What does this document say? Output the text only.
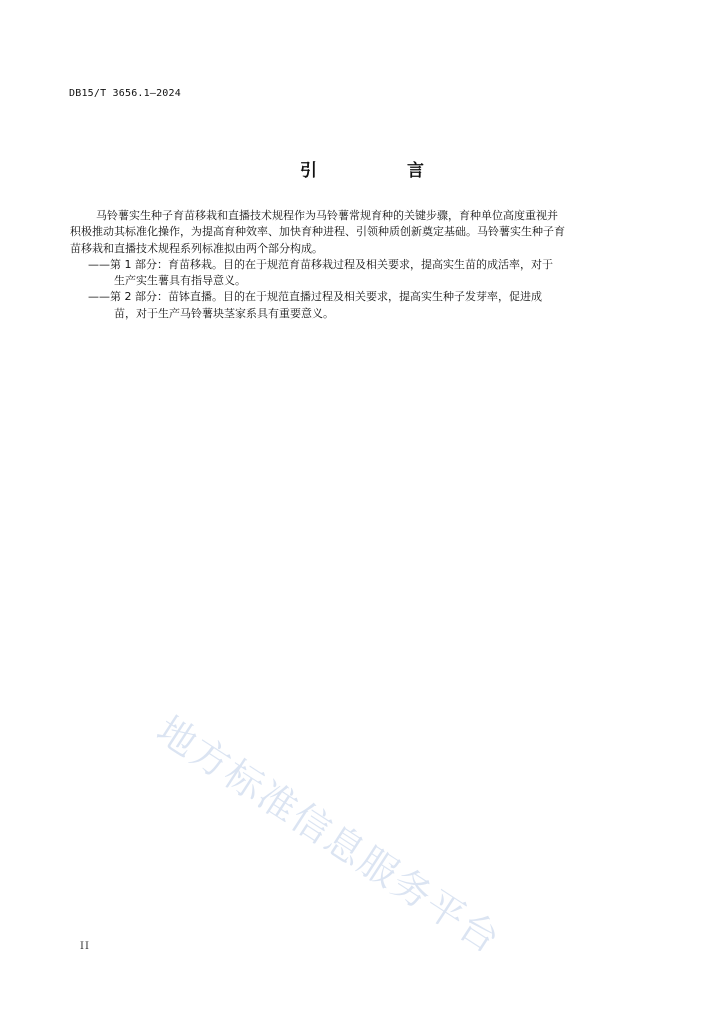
DB15/T 3656.1—2024
引 言
马铃薯实生种子育苗移栽和直播技术规程作为马铃薯常规育种的关键步骤，育种单位高度重视并
积极推动其标准化操作，为提高育种效率、加快育种进程、引领种质创新奠定基础。马铃薯实生种子育
苗移栽和直播技术规程系列标准拟由两个部分构成。
——第 1 部分：育苗移栽。目的在于规范育苗移栽过程及相关要求，提高实生苗的成活率，对于
生产实生薯具有指导意义。
——第 2 部分：苗钵直播。目的在于规范直播过程及相关要求，提高实生种子发芽率，促进成
苗，对于生产马铃薯块茎家系具有重要意义。
地方标准信息服务平台
II
